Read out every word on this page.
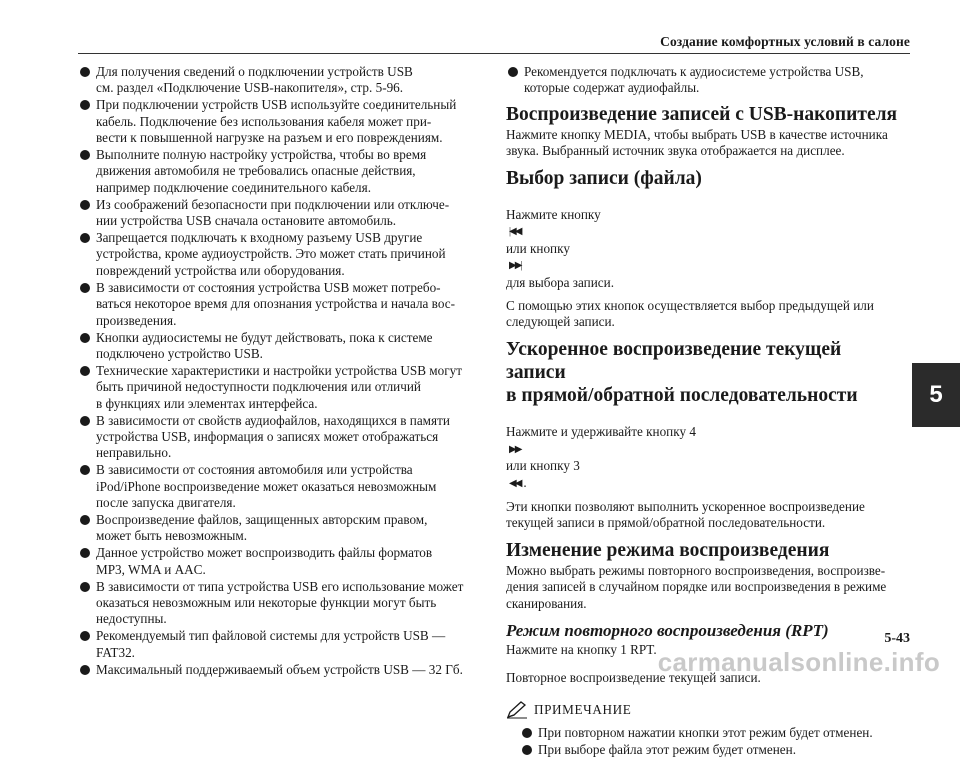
Создание комфортных условий в салоне
Для получения сведений о подключении устройств USB
см. раздел «Подключение USB-накопителя», стр. 5-96.
При подключении устройств USB используйте соединительный
кабель. Подключение без использования кабеля может при-
вести к повышенной нагрузке на разъем и его повреждениям.
Выполните полную настройку устройства, чтобы во время
движения автомобиля не требовались опасные действия,
например подключение соединительного кабеля.
Из соображений безопасности при подключении или отключе-
нии устройства USB сначала остановите автомобиль.
Запрещается подключать к входному разъему USB другие
устройства, кроме аудиоустройств. Это может стать причиной
повреждений устройства или оборудования.
В зависимости от состояния устройства USB может потребо-
ваться некоторое время для опознания устройства и начала вос-
произведения.
Кнопки аудиосистемы не будут действовать, пока к системе
подключено устройство USB.
Технические характеристики и настройки устройства USB могут
быть причиной недоступности подключения или отличий
в функциях или элементах интерфейса.
В зависимости от свойств аудиофайлов, находящихся в памяти
устройства USB, информация о записях может отображаться
неправильно.
В зависимости от состояния автомобиля или устройства
iPod/iPhone воспроизведение может оказаться невозможным
после запуска двигателя.
Воспроизведение файлов, защищенных авторским правом,
может быть невозможным.
Данное устройство может воспроизводить файлы форматов
MP3, WMA и AAC.
В зависимости от типа устройства USB его использование может
оказаться невозможным или некоторые функции могут быть
недоступны.
Рекомендуемый тип файловой системы для устройств USB —
FAT32.
Максимальный поддерживаемый объем устройств USB — 32 Гб.
Рекомендуется подключать к аудиосистеме устройства USB,
которые содержат аудиофайлы.
Воспроизведение записей с USB-накопителя
Нажмите кнопку MEDIA, чтобы выбрать USB в качестве источника
звука. Выбранный источник звука отображается на дисплее.
Выбор записи (файла)

Нажмите кнопку
|◀◀
или кнопку
▶▶|
для выбора записи.

С помощью этих кнопок осуществляется выбор предыдущей или
следующей записи.
Ускоренное воспроизведение текущей записи
в прямой/обратной последовательности

Нажмите и удерживайте кнопку 4
▶▶
или кнопку 3
◀◀ .

Эти кнопки позволяют выполнить ускоренное воспроизведение
текущей записи в прямой/обратной последовательности.
Изменение режима воспроизведения
Можно выбрать режимы повторного воспроизведения, воспроизве-
дения записей в случайном порядке или воспроизведения в режиме
сканирования.
Режим повторного воспроизведения (RPT)
Нажмите на кнопку 1 RPT.
Повторное воспроизведение текущей записи.
ПРИМЕЧАНИЕ
При повторном нажатии кнопки этот режим будет отменен.
При выборе файла этот режим будет отменен.
5
5-43
carmanualsonline.info
